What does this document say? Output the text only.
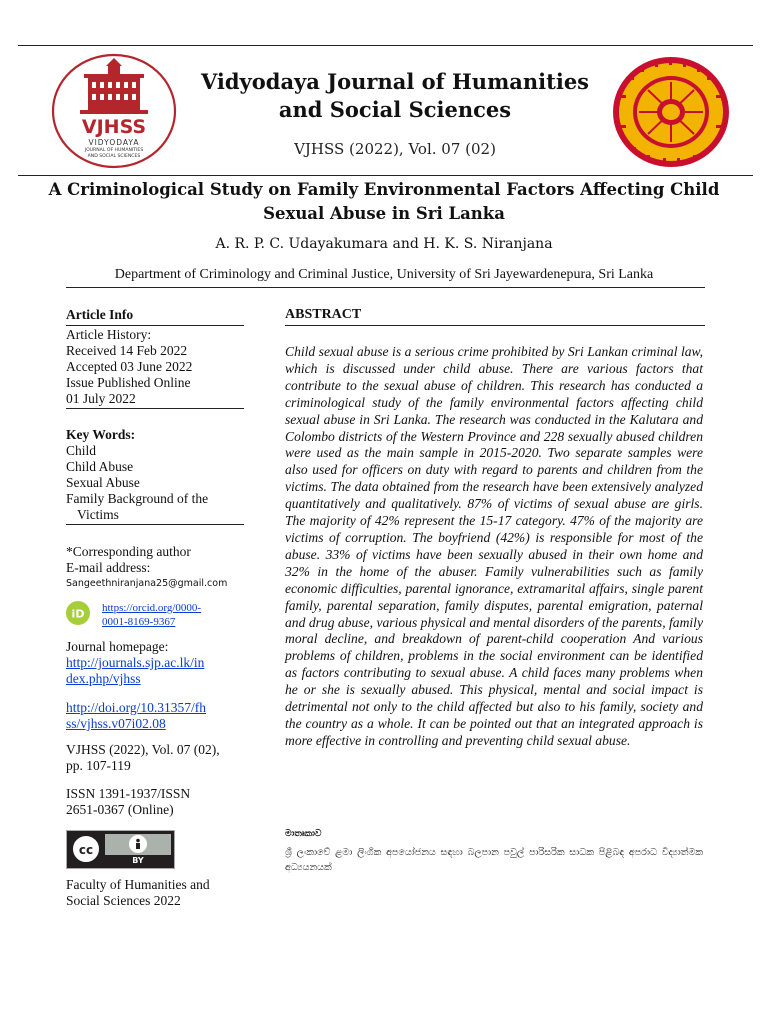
VJHSS
VIDYODAYA
JOURNAL OF HUMANITIES
AND SOCIAL SCIENCES
Vidyodaya Journal of Humanities and Social Sciences
VJHSS (2022), Vol. 07 (02)
A Criminological Study on Family Environmental Factors Affecting Child Sexual Abuse in Sri Lanka
A. R. P. C. Udayakumara and H. K. S. Niranjana
Department of Criminology and Criminal Justice, University of Sri Jayewardenepura, Sri Lanka
Article Info
Article History:
Received 14 Feb 2022
Accepted 03 June 2022
Issue Published Online
01 July 2022
Key Words:
Child
Child Abuse
Sexual Abuse
Family Background of the
Victims
*Corresponding author
E-mail address:
Sangeethniranjana25@gmail.com
iD https://orcid.org/0000-
0001-8169-9367
Journal homepage:
http://journals.sjp.ac.lk/in
dex.php/vjhss
http://doi.org/10.31357/fh
ss/vjhss.v07i02.08
VJHSS (2022), Vol. 07 (02),
pp. 107-119
ISSN 1391-1937/ISSN
2651-0367 (Online)
cc
BY
Faculty of Humanities and
Social Sciences 2022
ABSTRACT
Child sexual abuse is a serious crime prohibited by Sri Lankan criminal law, which is discussed under child abuse. There are various factors that contribute to the sexual abuse of children. This research has conducted a criminological study of the family environmental factors affecting child sexual abuse in Sri Lanka. The research was conducted in the Kalutara and Colombo districts of the Western Province and 228 sexually abused children were used as the main sample in 2015-2020. Two separate samples were also used for officers on duty with regard to parents and children from the victims. The data obtained from the research have been extensively analyzed quantitatively and qualitatively. 87% of victims of sexual abuse are girls. The majority of 42% represent the 15-17 category. 47% of the majority are victims of corruption. The boyfriend (42%) is responsible for most of the abuse. 33% of victims have been sexually abused in their own home and 32% in the home of the abuser. Family vulnerabilities such as family economic difficulties, parental ignorance, extramarital affairs, single parent family, parental separation, family disputes, parental emigration, paternal and drug abuse, various physical and mental disorders of the parents, family moral decline, and breakdown of parent-child cooperation And various problems of children, problems in the social environment can be identified as factors contributing to sexual abuse. A child faces many problems when he or she is sexually abused. This physical, mental and social impact is detrimental not only to the child affected but also to his family, society and the country as a whole. It can be pointed out that an integrated approach is more effective in controlling and preventing child sexual abuse.
මාතෘකාව
ශ්‍රී ලංකාවේ ළමා ලිංගික අපයෝජනය සඳහා බලපාන පවුල් පාරිසරික සාධක පිළිබඳ අපරාධ විද්‍යාත්මක අධ්‍යයනයක්
